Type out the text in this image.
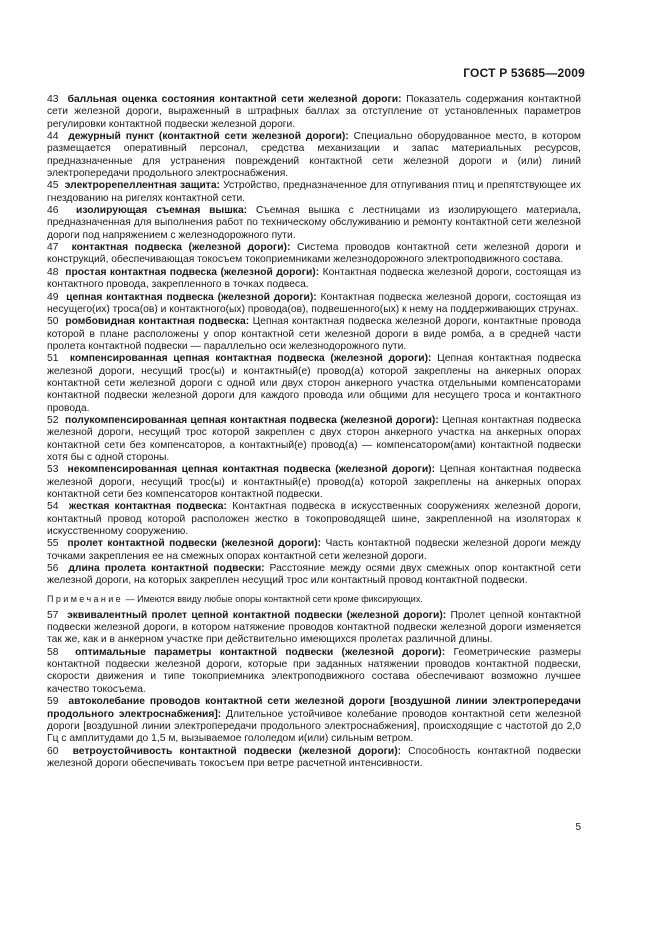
ГОСТ Р 53685—2009

43 балльная оценка состояния контактной сети железной дороги: Показатель содержания контактной сети железной дороги, выраженный в штрафных баллах за отступление от установленных параметров регулировки контактной подвески железной дороги.

44 дежурный пункт (контактной сети железной дороги): Специально оборудованное место, в котором размещается оперативный персонал, средства механизации и запас материальных ресурсов, предназначенные для устранения повреждений контактной сети железной дороги и (или) линий электропередачи продольного электроснабжения.

45 электрорепеллентная защита: Устройство, предназначенное для отпугивания птиц и препятствующее их гнездованию на ригелях контактной сети.

46 изолирующая съемная вышка: Съемная вышка с лестницами из изолирующего материала, предназначенная для выполнения работ по техническому обслуживанию и ремонту контактной сети железной дороги под напряжением с железнодорожного пути.

47 контактная подвеска (железной дороги): Система проводов контактной сети железной дороги и конструкций, обеспечивающая токосъем токоприемниками железнодорожного электроподвижного состава.

48 простая контактная подвеска (железной дороги): Контактная подвеска железной дороги, состоящая из контактного провода, закрепленного в точках подвеса.

49 цепная контактная подвеска (железной дороги): Контактная подвеска железной дороги, состоящая из несущего(их) троса(ов) и контактного(ых) провода(ов), подвешенного(ых) к нему на поддерживающих струнах.

50 ромбовидная контактная подвеска: Цепная контактная подвеска железной дороги, контактные провода которой в плане расположены у опор контактной сети железной дороги в виде ромба, а в средней части пролета контактной подвески — параллельно оси железнодорожного пути.

51 компенсированная цепная контактная подвеска (железной дороги): Цепная контактная подвеска железной дороги, несущий трос(ы) и контактный(е) провод(а) которой закреплены на анкерных опорах контактной сети железной дороги с одной или двух сторон анкерного участка отдельными компенсаторами контактной подвески железной дороги для каждого провода или общими для несущего троса и контактного провода.

52 полукомпенсированная цепная контактная подвеска (железной дороги): Цепная контактная подвеска железной дороги, несущий трос которой закреплен с двух сторон анкерного участка на анкерных опорах контактной сети без компенсаторов, а контактный(е) провод(а) — компенсатором(ами) контактной подвески хотя бы с одной стороны.

53 некомпенсированная цепная контактная подвеска (железной дороги): Цепная контактная подвеска железной дороги, несущий трос(ы) и контактный(е) провод(а) которой закреплены на анкерных опорах контактной сети без компенсаторов контактной подвески.

54 жесткая контактная подвеска: Контактная подвеска в искусственных сооружениях железной дороги, контактный провод которой расположен жестко в токопроводящей шине, закрепленной на изоляторах к искусственному сооружению.

55 пролет контактной подвески (железной дороги): Часть контактной подвески железной дороги между точками закрепления ее на смежных опорах контактной сети железной дороги.

56 длина пролета контактной подвески: Расстояние между осями двух смежных опор контактной сети железной дороги, на которых закреплен несущий трос или контактный провод контактной подвески.

Примечание — Имеются ввиду любые опоры контактной сети кроме фиксирующих.

57 эквивалентный пролет цепной контактной подвески (железной дороги): Пролет цепной контактной подвески железной дороги, в котором натяжение проводов контактной подвески железной дороги изменяется так же, как и в анкерном участке при действительно имеющихся пролетах различной длины.

58 оптимальные параметры контактной подвески (железной дороги): Геометрические размеры контактной подвески железной дороги, которые при заданных натяжении проводов контактной подвески, скорости движения и типе токоприемника электроподвижного состава обеспечивают возможно лучшее качество токосъема.

59 автоколебание проводов контактной сети железной дороги [воздушной линии электропередачи продольного электроснабжения]: Длительное устойчивое колебание проводов контактной сети железной дороги [воздушной линии электропередачи продольного электроснабжения], происходящие с частотой до 2,0 Гц с амплитудами до 1,5 м, вызываемое гололедом и(или) сильным ветром.

60 ветроустойчивость контактной подвески (железной дороги): Способность контактной подвески железной дороги обеспечивать токосъем при ветре расчетной интенсивности.

5
